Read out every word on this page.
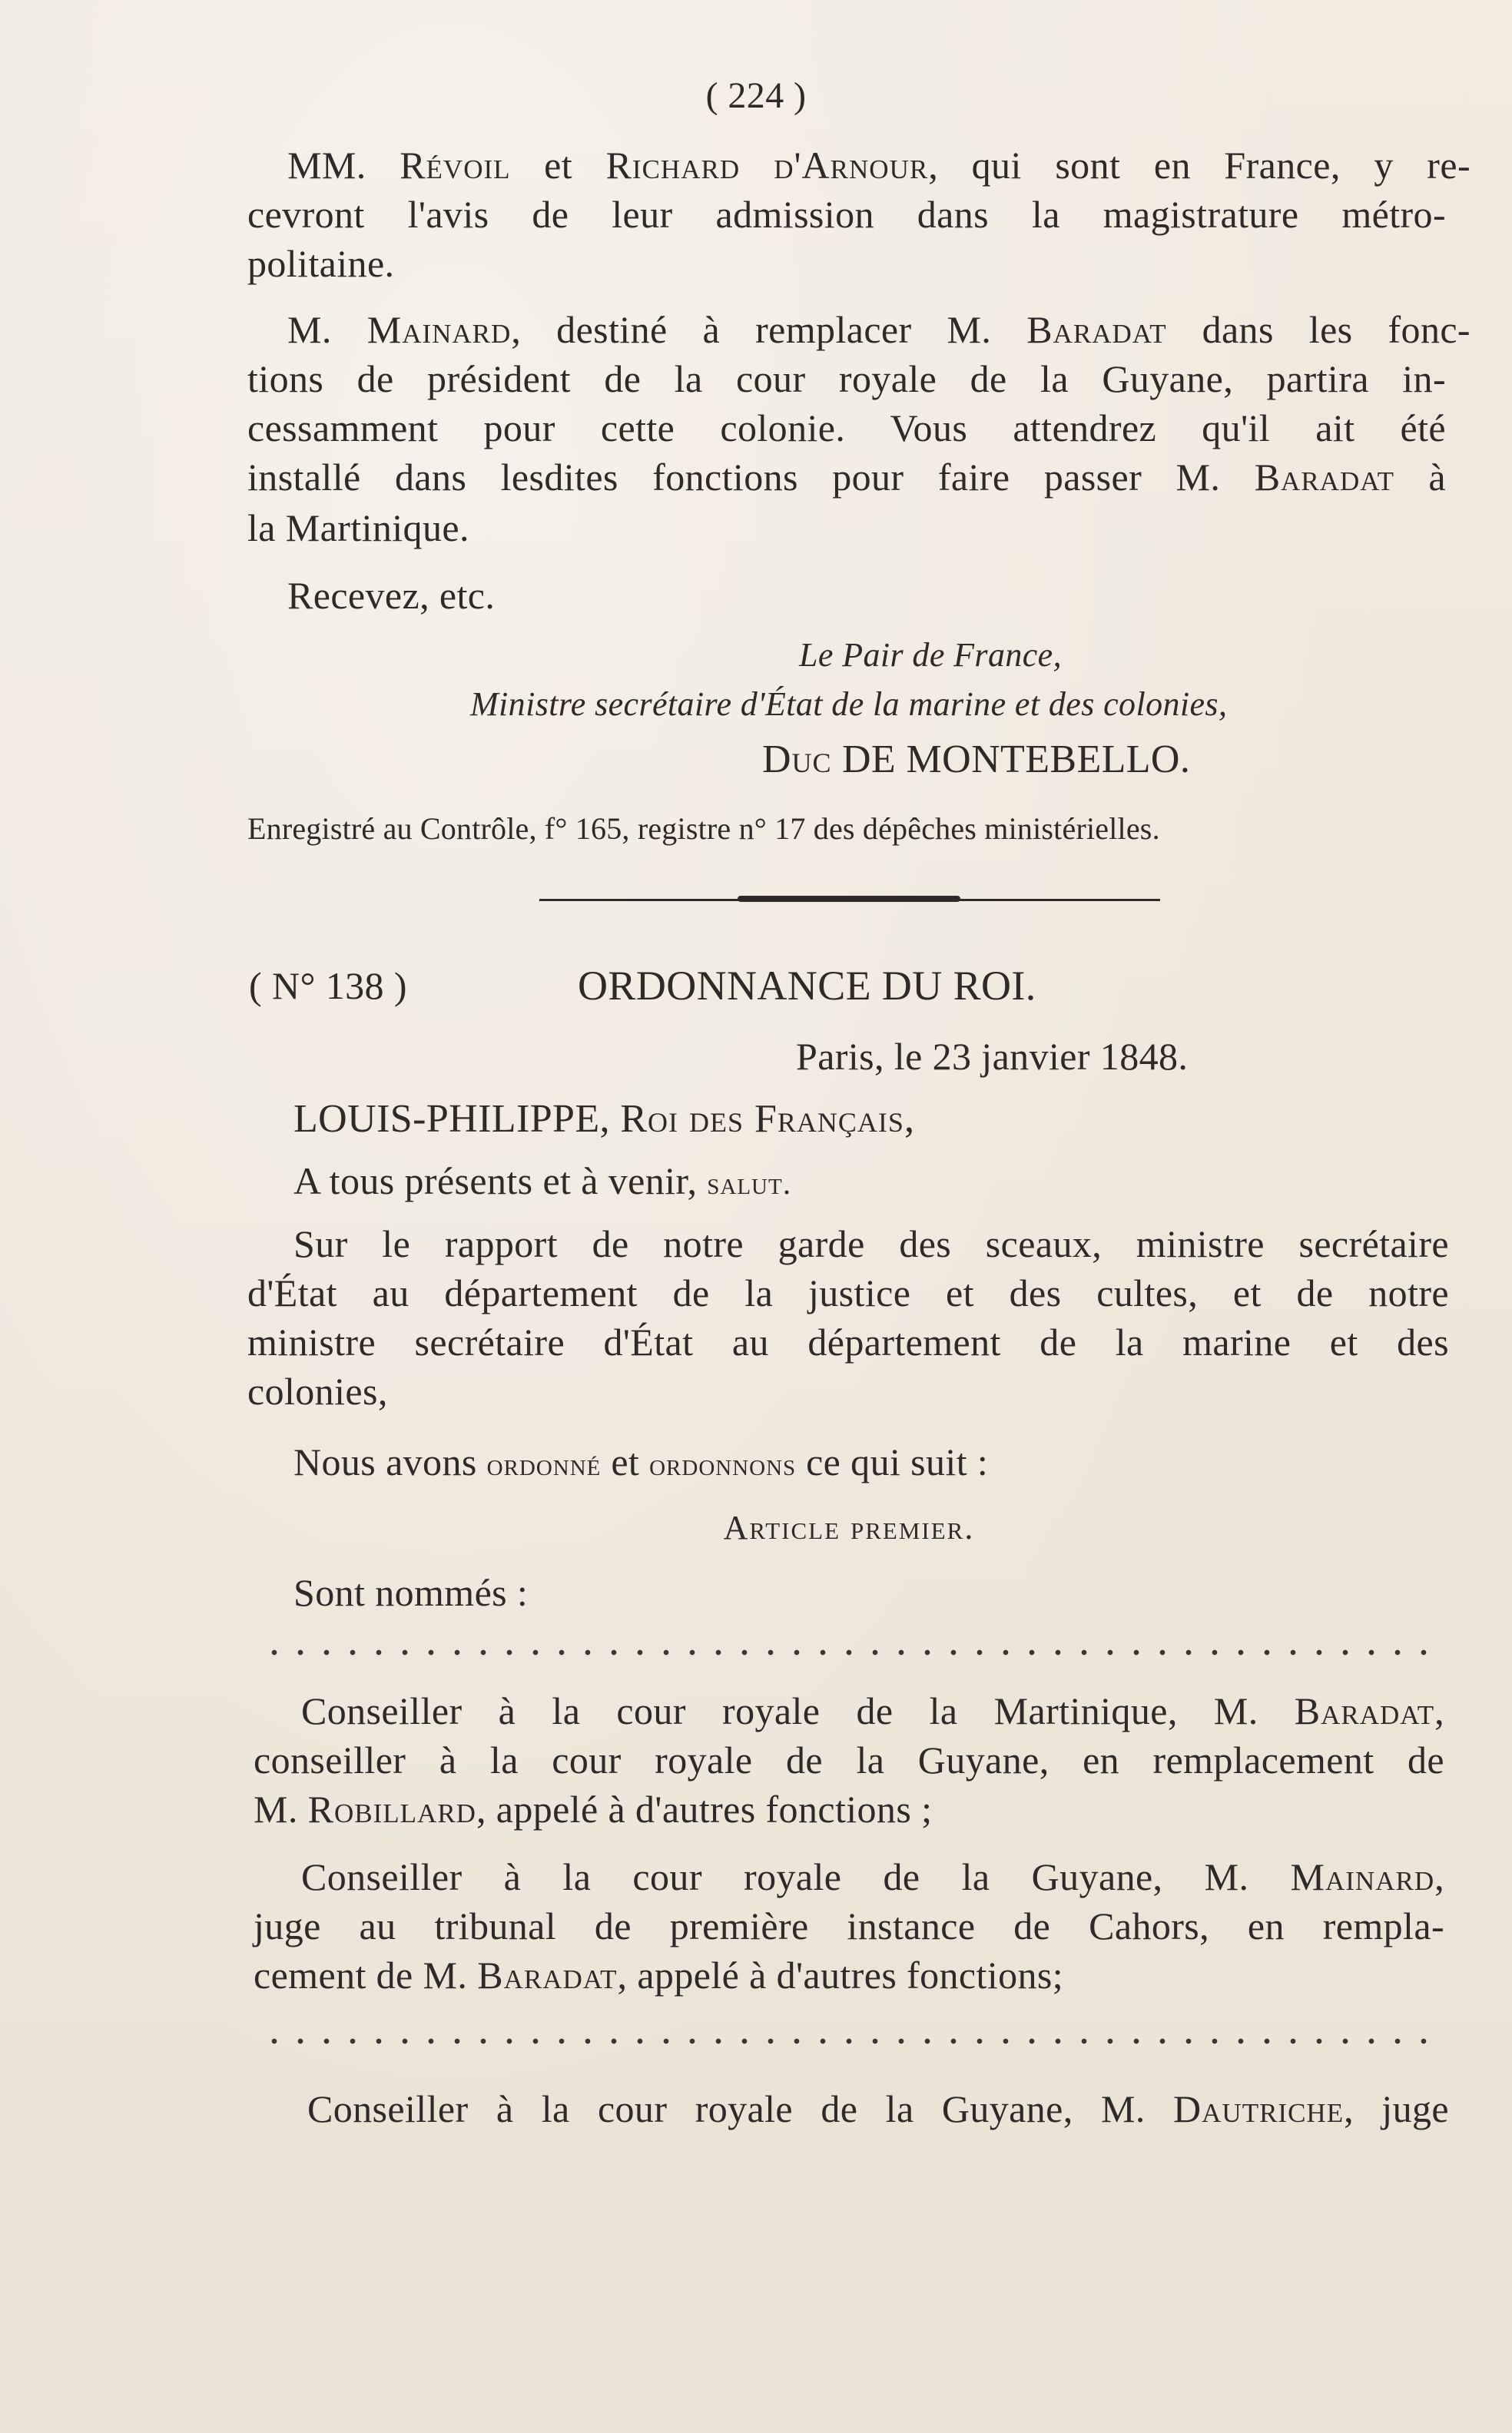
( 224 )
MM. Révoil et Richard d'Arnour, qui sont en France, y re-
cevront l'avis de leur admission dans la magistrature métro-
politaine.
M. Mainard, destiné à remplacer M. Baradat dans les fonc-
tions de président de la cour royale de la Guyane, partira in-
cessamment pour cette colonie. Vous attendrez qu'il ait été
installé dans lesdites fonctions pour faire passer M. Baradat à
la Martinique.
Recevez, etc.
Le Pair de France,
Ministre secrétaire d'État de la marine et des colonies,
Duc DE MONTEBELLO.
Enregistré au Contrôle, f° 165, registre n° 17 des dépêches ministérielles.
( N° 138 )	ORDONNANCE DU ROI.
Paris, le 23 janvier 1848.
LOUIS-PHILIPPE, Roi des Français,
A tous présents et à venir, salut.
Sur le rapport de notre garde des sceaux, ministre secrétaire
d'État au département de la justice et des cultes, et de notre
ministre secrétaire d'État au département de la marine et des
colonies,
Nous avons ordonné et ordonnons ce qui suit :
Article premier.
Sont nommés :
Conseiller à la cour royale de la Martinique, M. Baradat,
conseiller à la cour royale de la Guyane, en remplacement de
M. Robillard, appelé à d'autres fonctions ;
Conseiller à la cour royale de la Guyane, M. Mainard,
juge au tribunal de première instance de Cahors, en rempla-
cement de M. Baradat, appelé à d'autres fonctions;
Conseiller à la cour royale de la Guyane, M. Dautriche, juge
